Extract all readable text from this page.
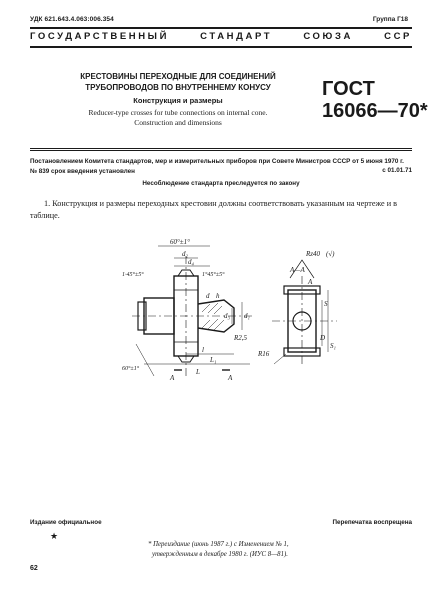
УДК 621.643.4.063:006.354	Группа Г18
ГОСУДАРСТВЕННЫЙ	СТАНДАРТ	СОЮЗА	ССР
КРЕСТОВИНЫ ПЕРЕХОДНЫЕ ДЛЯ СОЕДИНЕНИЙ
ТРУБОПРОВОДОВ ПО ВНУТРЕННЕМУ КОНУСУ
Конструкция и размеры
Reducer-type crosses for tube connections on internal cone.
Construction and dimensions
ГОСТ
16066—70*
Постановлением Комитета стандартов, мер и измерительных приборов при Совете Министров СССР от 5 июня 1970 г.
№ 839 срок введения установлен	с 01.01.71
Несоблюдение стандарта преследуется по закону
1. Конструкция и размеры переходных крестовин должны соответствовать указанным на чертеже и в таблице.
60°±1°
d₂
d₄
1·45°±5°	1°45°±5°
d₁
d₃
d h
R2,5
l
L₁
L
60°±1°
А	А
Rz40 (√)
А—А
А
S
R16
D
S₁
Издание официальное	Перепечатка воспрещена
★
* Переиздание (июнь 1987 г.) с Изменением № 1,
утвержденным в декабре 1980 г. (ИУС 8—81).
62
